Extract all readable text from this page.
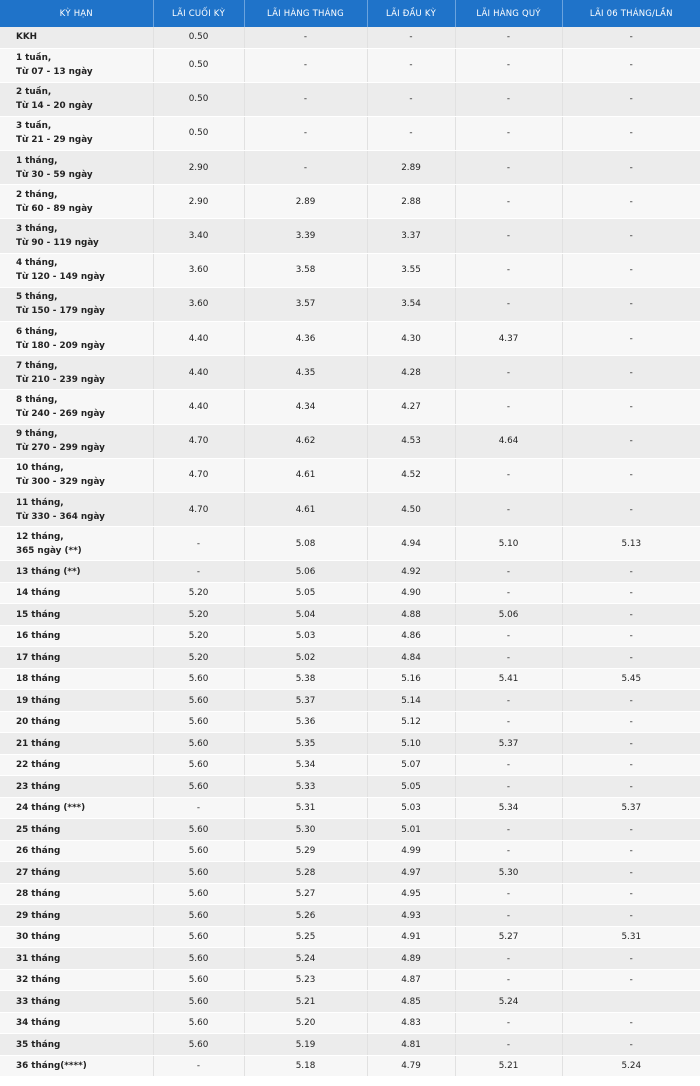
KỲ HẠN	LÃI CUỐI KỲ	LÃI HÀNG THÁNG	LÃI ĐẦU KỲ	LÃI HÀNG QUÝ	LÃI 06 THÁNG/LẦN

KKH	0.50	-	-	-	-

1 tuần,
Từ 07 - 13 ngày	0.50	-	-	-	-

2 tuần,
Từ 14 - 20 ngày	0.50	-	-	-	-

3 tuần,
Từ 21 - 29 ngày	0.50	-	-	-	-

1 tháng,
Từ 30 - 59 ngày	2.90	-	2.89	-	-

2 tháng,
Từ 60 - 89 ngày	2.90	2.89	2.88	-	-

3 tháng,
Từ 90 - 119 ngày	3.40	3.39	3.37	-	-

4 tháng,
Từ 120 - 149 ngày	3.60	3.58	3.55	-	-

5 tháng,
Từ 150 - 179 ngày	3.60	3.57	3.54	-	-

6 tháng,
Từ 180 - 209 ngày	4.40	4.36	4.30	4.37	-

7 tháng,
Từ 210 - 239 ngày	4.40	4.35	4.28	-	-

8 tháng,
Từ 240 - 269 ngày	4.40	4.34	4.27	-	-

9 tháng,
Từ 270 - 299 ngày	4.70	4.62	4.53	4.64	-

10 tháng,
Từ 300 - 329 ngày	4.70	4.61	4.52	-	-

11 tháng,
Từ 330 - 364 ngày	4.70	4.61	4.50	-	-

12 tháng,
365 ngày (**)	-	5.08	4.94	5.10	5.13

13 tháng (**)	-	5.06	4.92	-	-

14 tháng	5.20	5.05	4.90	-	-

15 tháng	5.20	5.04	4.88	5.06	-

16 tháng	5.20	5.03	4.86	-	-

17 tháng	5.20	5.02	4.84	-	-

18 tháng	5.60	5.38	5.16	5.41	5.45

19 tháng	5.60	5.37	5.14	-	-

20 tháng	5.60	5.36	5.12	-	-

21 tháng	5.60	5.35	5.10	5.37	-

22 tháng	5.60	5.34	5.07	-	-

23 tháng	5.60	5.33	5.05	-	-

24 tháng (***)	-	5.31	5.03	5.34	5.37

25 tháng	5.60	5.30	5.01	-	-

26 tháng	5.60	5.29	4.99	-	-

27 tháng	5.60	5.28	4.97	5.30	-

28 tháng	5.60	5.27	4.95	-	-

29 tháng	5.60	5.26	4.93	-	-

30 tháng	5.60	5.25	4.91	5.27	5.31

31 tháng	5.60	5.24	4.89	-	-

32 tháng	5.60	5.23	4.87	-	-

33 tháng	5.60	5.21	4.85	5.24	

34 tháng	5.60	5.20	4.83	-	-

35 tháng	5.60	5.19	4.81	-	-

36 tháng(****)	-	5.18	4.79	5.21	5.24
